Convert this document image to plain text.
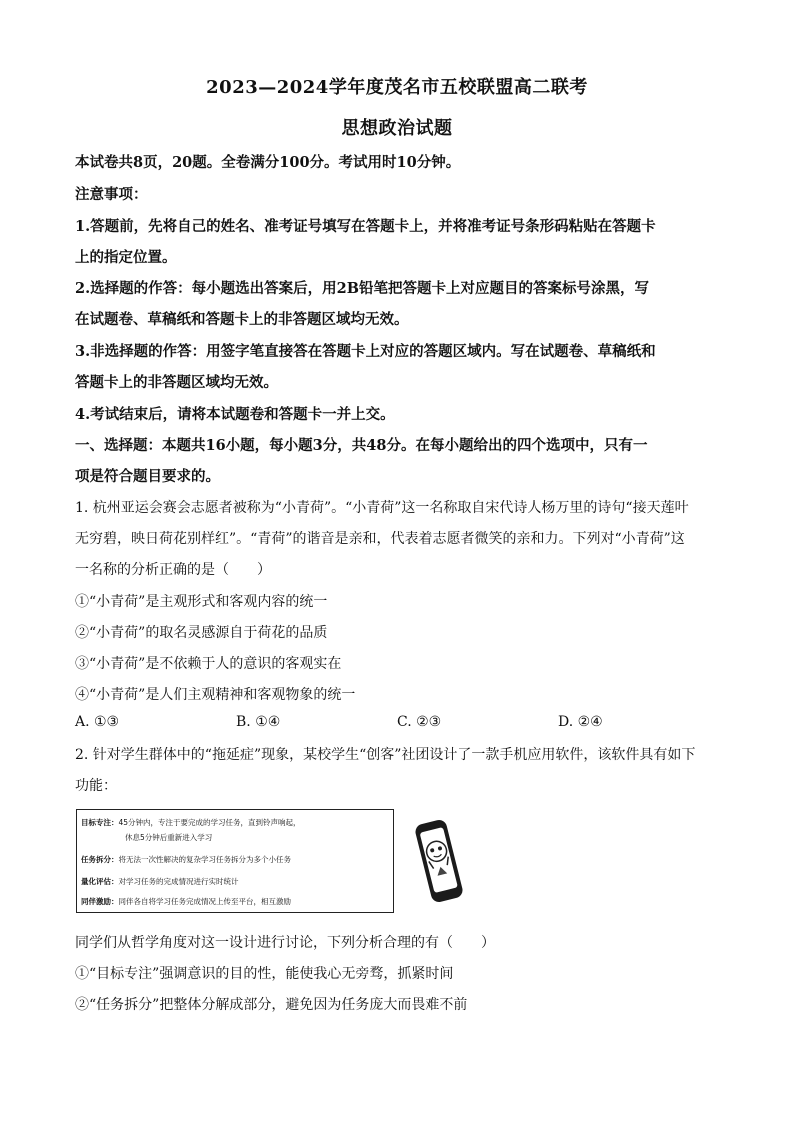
2023—2024学年度茂名市五校联盟高二联考
思想政治试题
本试卷共8页，20题。全卷满分100分。考试用时10分钟。
注意事项：
1.答题前，先将自己的姓名、准考证号填写在答题卡上，并将准考证号条形码粘贴在答题卡
上的指定位置。
2.选择题的作答：每小题选出答案后，用2B铅笔把答题卡上对应题目的答案标号涂黑，写
在试题卷、草稿纸和答题卡上的非答题区域均无效。
3.非选择题的作答：用签字笔直接答在答题卡上对应的答题区域内。写在试题卷、草稿纸和
答题卡上的非答题区域均无效。
4.考试结束后，请将本试题卷和答题卡一并上交。
一、选择题：本题共16小题，每小题3分，共48分。在每小题给出的四个选项中，只有一
项是符合题目要求的。
1. 杭州亚运会赛会志愿者被称为“小青荷”。“小青荷”这一名称取自宋代诗人杨万里的诗句“接天莲叶
无穷碧，映日荷花别样红”。“青荷”的谐音是亲和，代表着志愿者微笑的亲和力。下列对“小青荷”这
一名称的分析正确的是（　　）
①“小青荷”是主观形式和客观内容的统一
②“小青荷”的取名灵感源自于荷花的品质
③“小青荷”是不依赖于人的意识的客观实在
④“小青荷”是人们主观精神和客观物象的统一
A. ①③	B. ①④	C. ②③	D. ②④
2. 针对学生群体中的“拖延症”现象，某校学生“创客”社团设计了一款手机应用软件，该软件具有如下
功能：
目标专注：45分钟内，专注于要完成的学习任务，直到铃声响起，
休息5分钟后重新进入学习
任务拆分：将无法一次性解决的复杂学习任务拆分为多个小任务
量化评估：对学习任务的完成情况进行实时统计
同伴激励：同伴各自将学习任务完成情况上传至平台，相互激励
同学们从哲学角度对这一设计进行讨论，下列分析合理的有（　　）
①“目标专注”强调意识的目的性，能使我心无旁骛，抓紧时间
②“任务拆分”把整体分解成部分，避免因为任务庞大而畏难不前
